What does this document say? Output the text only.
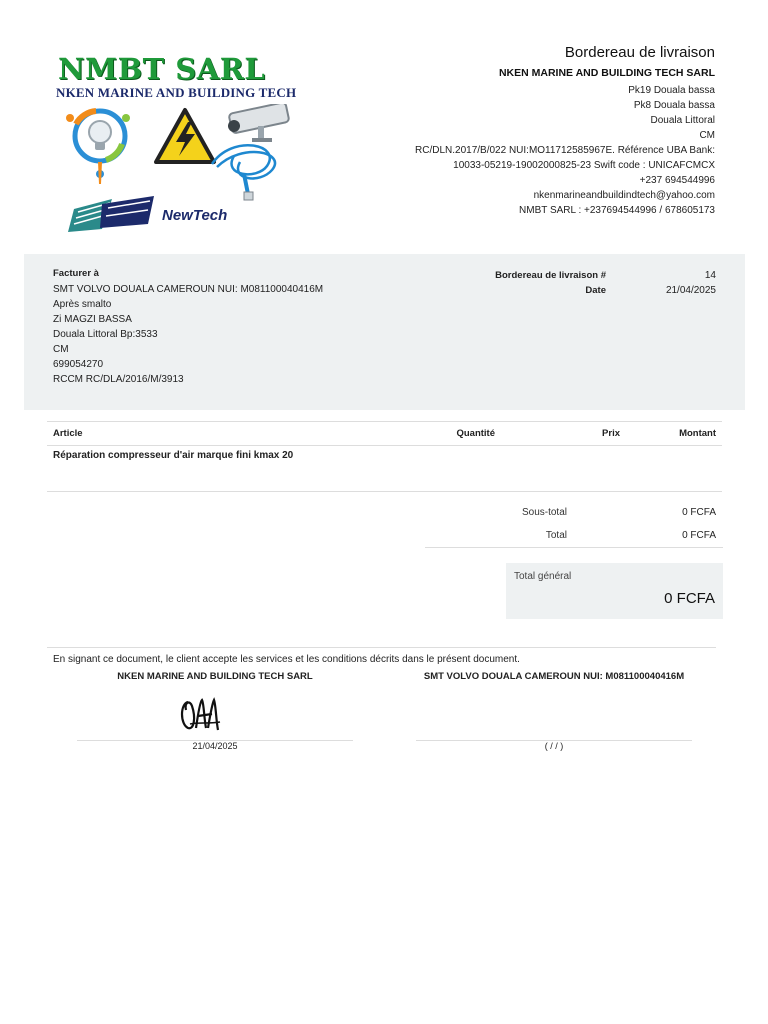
NMBT SARL
NKEN MARINE AND BUILDING TECH
NewTech
Bordereau de livraison
NKEN MARINE AND BUILDING TECH SARL
Pk19 Douala bassa
Pk8 Douala bassa
Douala Littoral
CM
RC/DLN.2017/B/022 NUI:MO11712585967E. Référence UBA Bank:
10033-05219-19002000825-23 Swift code : UNICAFCMCX
+237 694544996
nkenmarineandbuildindtech@yahoo.com
NMBT SARL : +237694544996 / 678605173
Facturer à
SMT VOLVO DOUALA CAMEROUN NUI: M081100040416M
Après smalto
Zi MAGZI BASSA
Douala Littoral Bp:3533
CM
699054270
RCCM RC/DLA/2016/M/3913
Bordereau de livraison #	14
Date	21/04/2025
Article	Quantité	Prix	Montant
Réparation compresseur d'air marque fini kmax 20
Sous-total	0 FCFA
Total	0 FCFA
Total général
0 FCFA
En signant ce document, le client accepte les services et les conditions décrits dans le présent document.
NKEN MARINE AND BUILDING TECH SARL	SMT VOLVO DOUALA CAMEROUN NUI: M081100040416M
21/04/2025	( / / )
